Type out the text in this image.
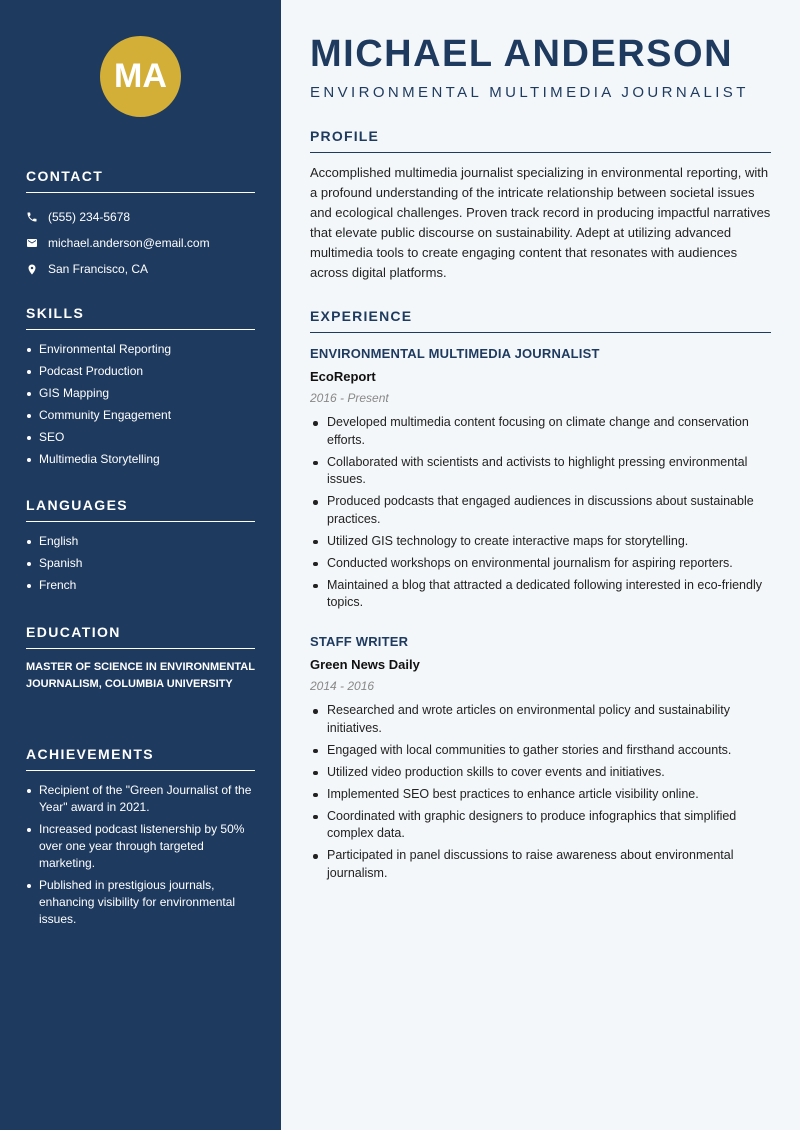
MA
CONTACT
(555) 234-5678
michael.anderson@email.com
San Francisco, CA
SKILLS
Environmental Reporting
Podcast Production
GIS Mapping
Community Engagement
SEO
Multimedia Storytelling
LANGUAGES
English
Spanish
French
EDUCATION
MASTER OF SCIENCE IN ENVIRONMENTAL JOURNALISM, COLUMBIA UNIVERSITY
ACHIEVEMENTS
Recipient of the "Green Journalist of the Year" award in 2021.
Increased podcast listenership by 50% over one year through targeted marketing.
Published in prestigious journals, enhancing visibility for environmental issues.
MICHAEL ANDERSON
ENVIRONMENTAL MULTIMEDIA JOURNALIST
PROFILE
Accomplished multimedia journalist specializing in environmental reporting, with a profound understanding of the intricate relationship between societal issues and ecological challenges. Proven track record in producing impactful narratives that elevate public discourse on sustainability. Adept at utilizing advanced multimedia tools to create engaging content that resonates with audiences across digital platforms.
EXPERIENCE
ENVIRONMENTAL MULTIMEDIA JOURNALIST
EcoReport
2016 - Present
Developed multimedia content focusing on climate change and conservation efforts.
Collaborated with scientists and activists to highlight pressing environmental issues.
Produced podcasts that engaged audiences in discussions about sustainable practices.
Utilized GIS technology to create interactive maps for storytelling.
Conducted workshops on environmental journalism for aspiring reporters.
Maintained a blog that attracted a dedicated following interested in eco-friendly topics.
STAFF WRITER
Green News Daily
2014 - 2016
Researched and wrote articles on environmental policy and sustainability initiatives.
Engaged with local communities to gather stories and firsthand accounts.
Utilized video production skills to cover events and initiatives.
Implemented SEO best practices to enhance article visibility online.
Coordinated with graphic designers to produce infographics that simplified complex data.
Participated in panel discussions to raise awareness about environmental journalism.
